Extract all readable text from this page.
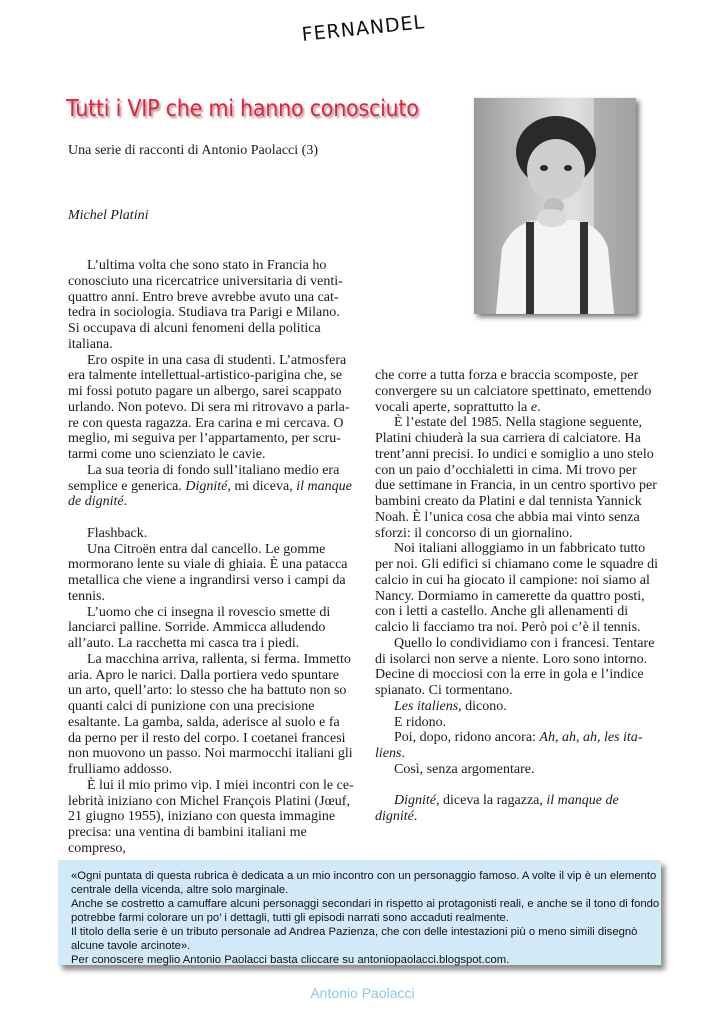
FERNANDEL
Tutti i VIP che mi hanno conosciuto
Una serie di racconti di Antonio Paolacci (3)
Michel Platini

L’ultima volta che sono stato in Francia ho conosciuto una ricercatrice universitaria di ventiquattro anni. Entro breve avrebbe avuto una cattedra in sociologia. Studiava tra Parigi e Milano. Si occupava di alcuni fenomeni della politica italiana.

Ero ospite in una casa di studenti. L’atmosfera era talmente intellettual-artistico-parigina che, se mi fossi potuto pagare un albergo, sarei scappato urlando. Non potevo. Di sera mi ritrovavo a parlare con questa ragazza. Era carina e mi cercava. O meglio, mi seguiva per l’appartamento, per scrutarmi come uno scienziato le cavie.

La sua teoria di fondo sull’italiano medio era semplice e generica. Dignité, mi diceva, il manque de dignité.

Flashback.

Una Citroën entra dal cancello. Le gomme mormorano lente su viale di ghiaia. È una patacca metallica che viene a ingrandirsi verso i campi da tennis.

L’uomo che ci insegna il rovescio smette di lanciarci palline. Sorride. Ammicca alludendo all’auto. La racchetta mi casca tra i piedi.

La macchina arriva, rallenta, si ferma. Immetto aria. Apro le narici. Dalla portiera vedo spuntare un arto, quell’arto: lo stesso che ha battuto non so quanti calci di punizione con una precisione esaltante. La gamba, salda, aderisce al suolo e fa da perno per il resto del corpo. I coetanei francesi non muovono un passo. Noi marmocchi italiani gli frulliamo addosso.

È lui il mio primo vip. I miei incontri con le celebrità iniziano con Michel François Platini (Jœuf, 21 giugno 1955), iniziano con questa immagine precisa: una ventina di bambini italiani me compreso,

che corre a tutta forza e braccia scomposte, per convergere su un calciatore spettinato, emettendo vocali aperte, soprattutto la e.

È l’estate del 1985. Nella stagione seguente, Platini chiuderà la sua carriera di calciatore. Ha trent’anni precisi. Io undici e somiglio a uno stelo con un paio d’occhialetti in cima. Mi trovo per due settimane in Francia, in un centro sportivo per bambini creato da Platini e dal tennista Yannick Noah. È l’unica cosa che abbia mai vinto senza sforzi: il concorso di un giornalino.

Noi italiani alloggiamo in un fabbricato tutto per noi. Gli edifici si chiamano come le squadre di calcio in cui ha giocato il campione: noi siamo al Nancy. Dormiamo in camerette da quattro posti, con i letti a castello. Anche gli allenamenti di calcio li facciamo tra noi. Però poi c’è il tennis.

Quello lo condividiamo con i francesi. Tentare di isolarci non serve a niente. Loro sono intorno. Decine di mocciosi con la erre in gola e l’indice spianato. Ci tormentano.

Les italiens, dicono.

E ridono.

Poi, dopo, ridono ancora: Ah, ah, ah, les italiens.

Così, senza argomentare.

Dignité, diceva la ragazza, il manque de dignité.

«Ogni puntata di questa rubrica è dedicata a un mio incontro con un personaggio famoso. A volte il vip è un elemento centrale della vicenda, altre solo marginale.
Anche se costretto a camuffare alcuni personaggi secondari in rispetto ai protagonisti reali, e anche se il tono di fondo potrebbe farmi colorare un po’ i dettagli, tutti gli episodi narrati sono accaduti realmente.
Il titolo della serie è un tributo personale ad Andrea Pazienza, che con delle intestazioni più o meno simili disegnò alcune tavole arcinote».
Per conoscere meglio Antonio Paolacci basta cliccare su antoniopaolacci.blogspot.com.
Antonio Paolacci
